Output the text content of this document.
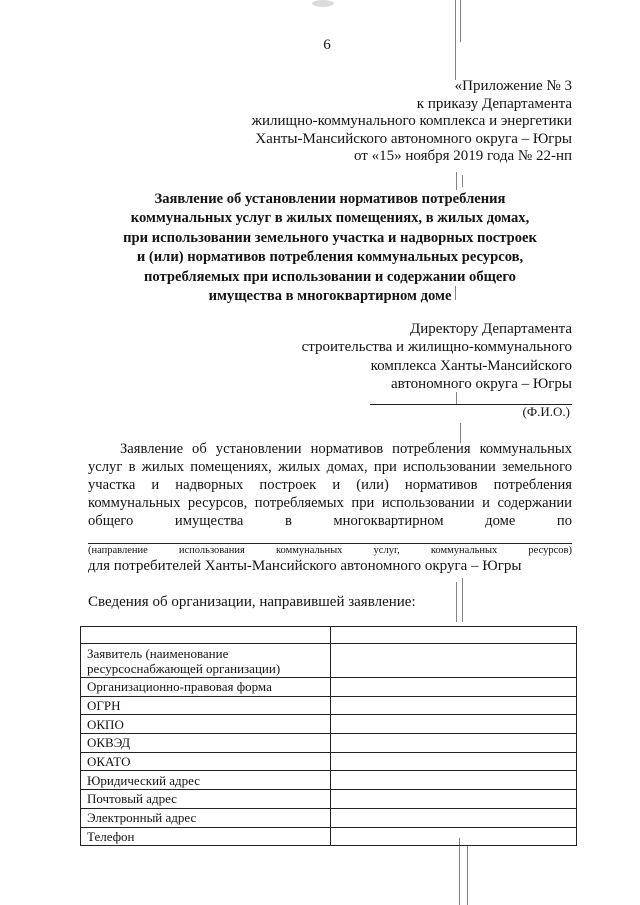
6
«Приложение № 3
к приказу Департамента
жилищно-коммунального комплекса и энергетики
Ханты-Мансийского автономного округа – Югры
от «15» ноября 2019 года № 22-нп
Заявление об установлении нормативов потребления
коммунальных услуг в жилых помещениях, в жилых домах,
при использовании земельного участка и надворных построек
и (или) нормативов потребления коммунальных ресурсов,
потребляемых при использовании и содержании общего
имущества в многоквартирном доме
Директору Департамента
строительства и жилищно-коммунального
комплекса Ханты-Мансийского
автономного округа – Югры
(Ф.И.О.)
Заявление об установлении нормативов потребления коммунальных
услуг в жилых помещениях, жилых домах, при использовании земельного
участка и надворных построек и (или) нормативов потребления
коммунальных ресурсов, потребляемых при использовании и содержании
общего имущества в многоквартирном доме по
(направление использования коммунальных услуг, коммунальных ресурсов)
для потребителей Ханты-Мансийского автономного округа – Югры
Сведения об организации, направившей заявление:

Заявитель (наименование ресурсоснабжающей организации)	
Организационно-правовая форма	
ОГРН	
ОКПО	
ОКВЭД	
ОКАТО	
Юридический адрес	
Почтовый адрес	
Электронный адрес	
Телефон	
